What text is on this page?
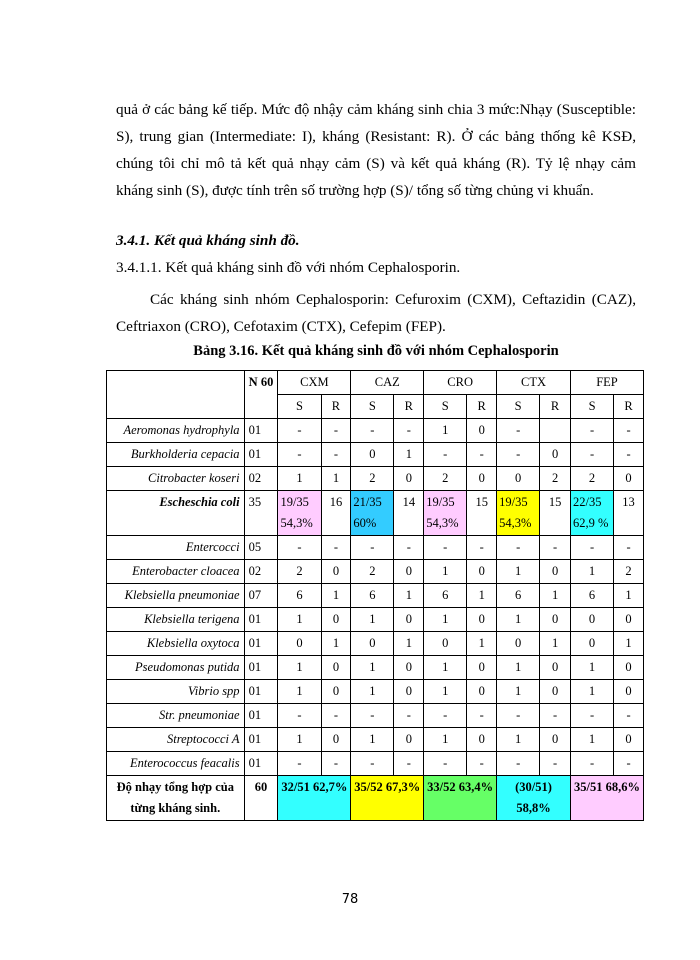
quả ở các bảng kế tiếp. Mức độ nhậy cảm kháng sinh chia 3 mức:Nhạy (Susceptible: S), trung gian (Intermediate: I), kháng (Resistant: R). Ở các bảng thống kê KSĐ, chúng tôi chỉ mô tả kết quả nhạy cảm (S) và kết quả kháng (R). Tỷ lệ nhạy cảm kháng sinh (S), được tính trên số trường hợp (S)/ tổng số từng chủng vi khuẩn.

3.4.1. Kết quả kháng sinh đồ.

3.4.1.1. Kết quả kháng sinh đồ với nhóm Cephalosporin.

Các kháng sinh nhóm Cephalosporin: Cefuroxim (CXM), Ceftazidin (CAZ), Ceftriaxon (CRO), Cefotaxim (CTX), Cefepim (FEP).

Bảng 3.16. Kết quả kháng sinh đồ với nhóm Cephalosporin

	N 60	CXM		CAZ		CRO		CTX		FEP	
		S	R	S	R	S	R	S	R	S	R
Aeromonas hydrophyla	01	-	-	-	-	1	0	-		-	-
Burkholderia cepacia	01	-	-	0	1	-	-	-	0	-	-
Citrobacter koseri	02	1	1	2	0	2	0	0	2	2	0
Escheschia coli	35	19/35 54,3%	16	21/35 60%	14	19/35 54,3%	15	19/35 54,3%	15	22/35 62,9 %	13
Entercocci	05	-	-	-	-	-	-	-	-	-	-
Enterobacter cloacea	02	2	0	2	0	1	0	1	0	1	2
Klebsiella pneumoniae	07	6	1	6	1	6	1	6	1	6	1
Klebsiella terigena	01	1	0	1	0	1	0	1	0	0	0
Klebsiella oxytoca	01	0	1	0	1	0	1	0	1	0	1
Pseudomonas putida	01	1	0	1	0	1	0	1	0	1	0
Vibrio spp	01	1	0	1	0	1	0	1	0	1	0
Str. pneumoniae	01	-	-	-	-	-	-	-	-	-	-
Streptococci A	01	1	0	1	0	1	0	1	0	1	0
Enterococcus feacalis	01	-	-	-	-	-	-	-	-	-	-
Độ nhạy tổng hợp của từng kháng sinh.	60	32/51 62,7%		35/52 67,3%		33/52 63,4%		(30/51) 58,8%		35/51 68,6%	

78
